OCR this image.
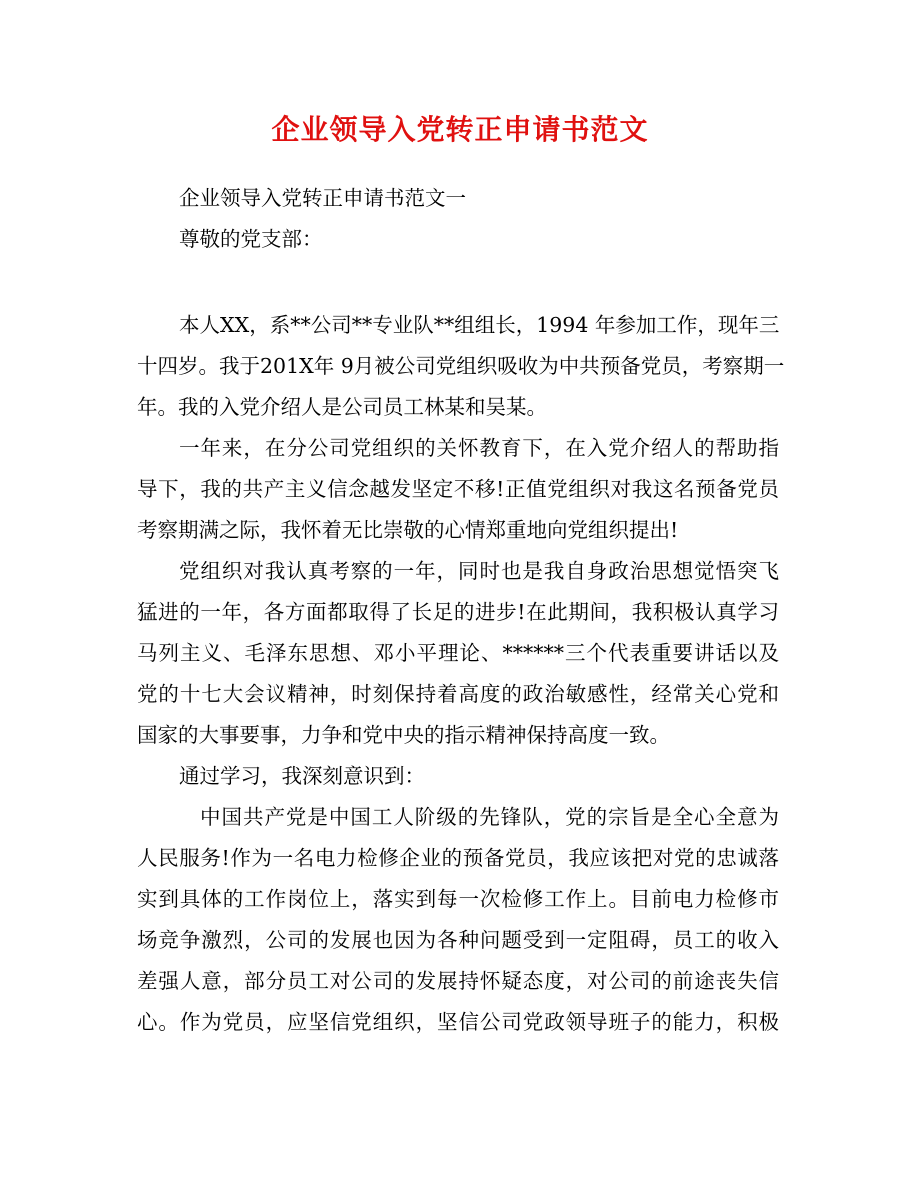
企业领导入党转正申请书范文
企业领导入党转正申请书范文一
尊敬的党支部：
本人XX，系**公司**专业队**组组长，1994 年参加工作，现年三
十四岁。我于201X年 9月被公司党组织吸收为中共预备党员，考察期一
年。我的入党介绍人是公司员工林某和吴某。
一年来，在分公司党组织的关怀教育下，在入党介绍人的帮助指
导下，我的共产主义信念越发坚定不移!正值党组织对我这名预备党员
考察期满之际，我怀着无比崇敬的心情郑重地向党组织提出!
党组织对我认真考察的一年，同时也是我自身政治思想觉悟突飞
猛进的一年，各方面都取得了长足的进步!在此期间，我积极认真学习
马列主义、毛泽东思想、邓小平理论、******三个代表重要讲话以及
党的十七大会议精神，时刻保持着高度的政治敏感性，经常关心党和
国家的大事要事，力争和党中央的指示精神保持高度一致。
通过学习，我深刻意识到：
中国共产党是中国工人阶级的先锋队，党的宗旨是全心全意为
人民服务!作为一名电力检修企业的预备党员，我应该把对党的忠诚落
实到具体的工作岗位上，落实到每一次检修工作上。目前电力检修市
场竞争激烈，公司的发展也因为各种问题受到一定阻碍，员工的收入
差强人意，部分员工对公司的发展持怀疑态度，对公司的前途丧失信
心。作为党员，应坚信党组织，坚信公司党政领导班子的能力，积极
